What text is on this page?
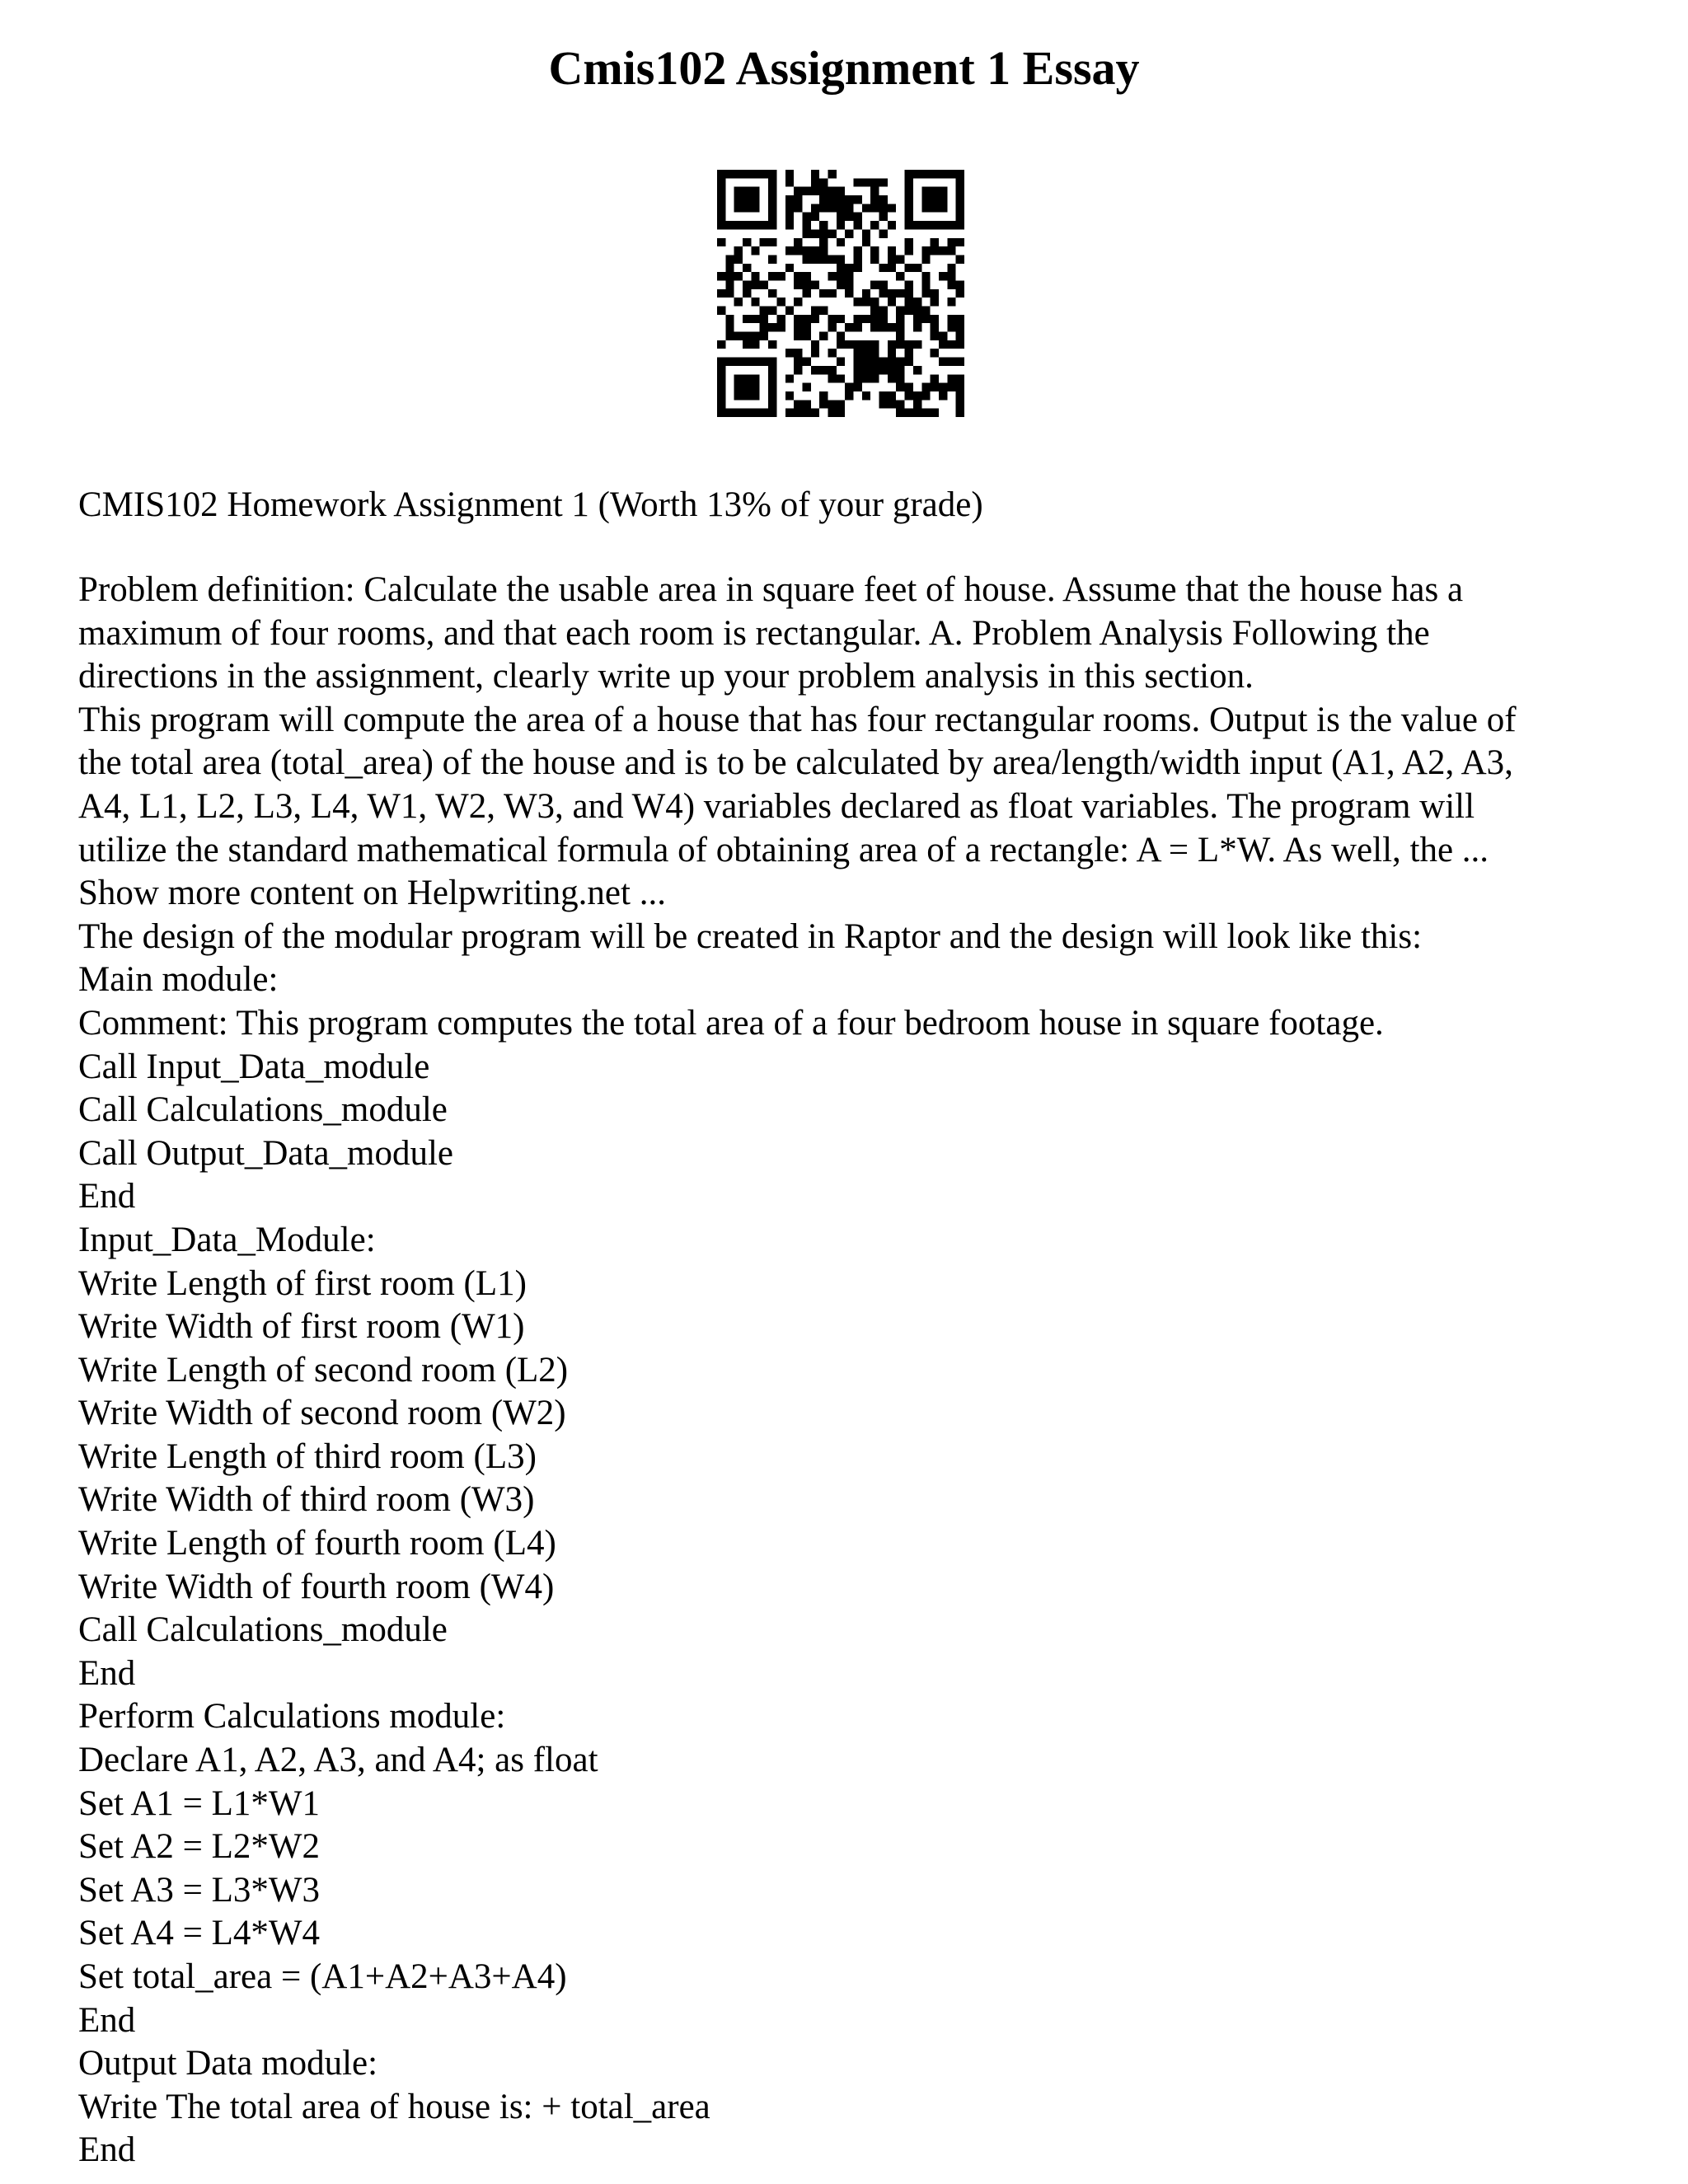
Cmis102 Assignment 1 Essay

CMIS102 Homework Assignment 1 (Worth 13% of your grade)

Problem definition: Calculate the usable area in square feet of house. Assume that the house has a

maximum of four rooms, and that each room is rectangular. A. Problem Analysis Following the

directions in the assignment, clearly write up your problem analysis in this section.

This program will compute the area of a house that has four rectangular rooms. Output is the value of

the total area (total_area) of the house and is to be calculated by area/length/width input (A1, A2, A3,

A4, L1, L2, L3, L4, W1, W2, W3, and W4) variables declared as float variables. The program will

utilize the standard mathematical formula of obtaining area of a rectangle: A = L*W. As well, the ...

Show more content on Helpwriting.net ...

The design of the modular program will be created in Raptor and the design will look like this:

Main module:

Comment: This program computes the total area of a four bedroom house in square footage.

Call Input_Data_module

Call Calculations_module

Call Output_Data_module

End

Input_Data_Module:

Write Length of first room (L1)

Write Width of first room (W1)

Write Length of second room (L2)

Write Width of second room (W2)

Write Length of third room (L3)

Write Width of third room (W3)

Write Length of fourth room (L4)

Write Width of fourth room (W4)

Call Calculations_module

End

Perform Calculations module:

Declare A1, A2, A3, and A4; as float

Set A1 = L1*W1

Set A2 = L2*W2

Set A3 = L3*W3

Set A4 = L4*W4

Set total_area = (A1+A2+A3+A4)

End

Output Data module:

Write The total area of house is: + total_area

End
